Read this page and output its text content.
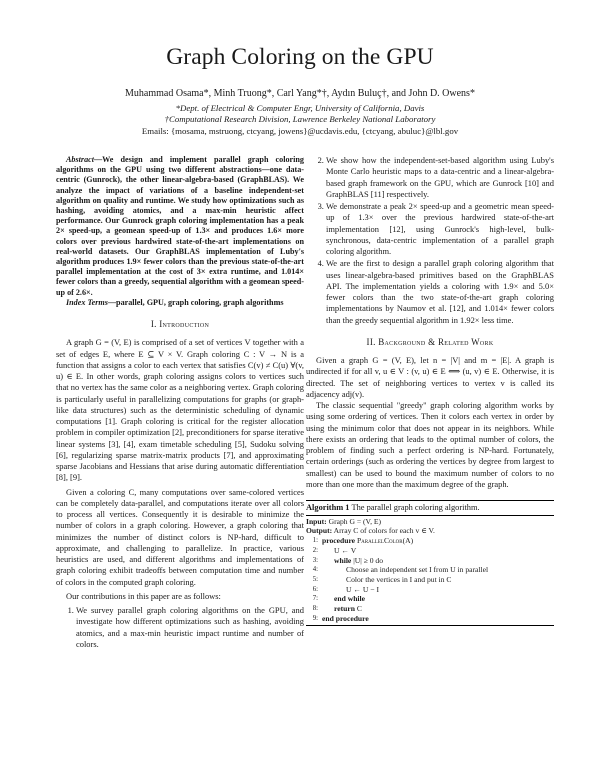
Graph Coloring on the GPU
Muhammad Osama*, Minh Truong*, Carl Yang*†, Aydın Buluç†, and John D. Owens*
*Dept. of Electrical & Computer Engr, University of California, Davis
†Computational Research Division, Lawrence Berkeley National Laboratory
Emails: {mosama, mstruong, ctcyang, jowens}@ucdavis.edu, {ctcyang, abuluc}@lbl.gov

Abstract—We design and implement parallel graph coloring algorithms on the GPU using two different abstractions—one data-centric (Gunrock), the other linear-algebra-based (GraphBLAS). We analyze the impact of variations of a baseline independent-set algorithm on quality and runtime. We study how optimizations such as hashing, avoiding atomics, and a max-min heuristic affect performance. Our Gunrock graph coloring implementation has a peak 2× speed-up, a geomean speed-up of 1.3× and produces 1.6× more colors over previous hardwired state-of-the-art implementations on real-world datasets. Our GraphBLAS implementation of Luby's algorithm produces 1.9× fewer colors than the previous state-of-the-art parallel implementation at the cost of 3× extra runtime, and 1.014× fewer colors than a greedy, sequential algorithm with a geomean speed-up of 2.6×.

Index Terms—parallel, GPU, graph coloring, graph algorithms

I. Introduction

A graph G = (V, E) is comprised of a set of vertices V together with a set of edges E, where E ⊆ V × V. Graph coloring C : V → N is a function that assigns a color to each vertex that satisfies C(v) ≠ C(u) ∀(v, u) ∈ E. In other words, graph coloring assigns colors to vertices such that no vertex has the same color as a neighboring vertex. Graph coloring is particularly useful in parallelizing computations for graphs (or graph-like data structures) such as the deterministic scheduling of dynamic computations [1]. Graph coloring is critical for the register allocation problem in compiler optimization [2], preconditioners for sparse iterative linear systems [3], [4], exam timetable scheduling [5], Sudoku solving [6], regularizing sparse matrix-matrix products [7], and approximating sparse Jacobians and Hessians that arise during automatic differentiation [8], [9].

Given a coloring C, many computations over same-colored vertices can be completely data-parallel, and computations iterate over all colors to process all vertices. Consequently it is desirable to minimize the number of colors in a graph coloring. However, a graph coloring that minimizes the number of distinct colors is NP-hard, difficult to approximate, and challenging to parallelize. In practice, various heuristics are used, and different algorithms and implementations of graph coloring exhibit tradeoffs between computation time and number of colors in the computed graph coloring.

Our contributions in this paper are as follows:

1. We survey parallel graph coloring algorithms on the GPU, and investigate how different optimizations such as hashing, avoiding atomics, and a max-min heuristic impact runtime and number of colors.
2. We show how the independent-set-based algorithm using Luby's Monte Carlo heuristic maps to a data-centric and a linear-algebra-based graph framework on the GPU, which are Gunrock [10] and GraphBLAS [11] respectively.
3. We demonstrate a peak 2× speed-up and a geometric mean speed-up of 1.3× over the previous hardwired state-of-the-art implementation [12], using Gunrock's high-level, bulk-synchronous, data-centric implementation of a parallel graph coloring algorithm.
4. We are the first to design a parallel graph coloring algorithm that uses linear-algebra-based primitives based on the GraphBLAS API. The implementation yields a coloring with 1.9× and 5.0× fewer colors than the two state-of-the-art graph coloring implementations by Naumov et al. [12], and 1.014× fewer colors than the greedy sequential algorithm in 1.92× less time.
II. Background & Related Work

Given a graph G = (V, E), let n = |V| and m = |E|. A graph is undirected if for all v, u ∈ V : (v, u) ∈ E ⟺ (u, v) ∈ E. Otherwise, it is directed. The set of neighboring vertices to vertex v is called its adjacency adj(v).

The classic sequential "greedy" graph coloring algorithm works by using some ordering of vertices. Then it colors each vertex in order by using the minimum color that does not appear in its neighbors. While there exists an ordering that leads to the optimal number of colors, the problem of finding such a perfect ordering is NP-hard. Fortunately, certain orderings (such as ordering the vertices by degree from largest to smallest) can be used to bound the maximum number of colors to no more than one more than the maximum degree of the graph.

Algorithm 1 The parallel graph coloring algorithm.
Input: Graph G = (V, E)
Output: Array C of colors for each v ∈ V.
1: procedure ParallelColor(A)
2:	U ← V
3:	while |U| ≥ 0 do
4:	Choose an independent set I from U in parallel
5:	Color the vertices in I and put in C
6:	U ← U − I
7:	end while
8:	return C
9: end procedure
